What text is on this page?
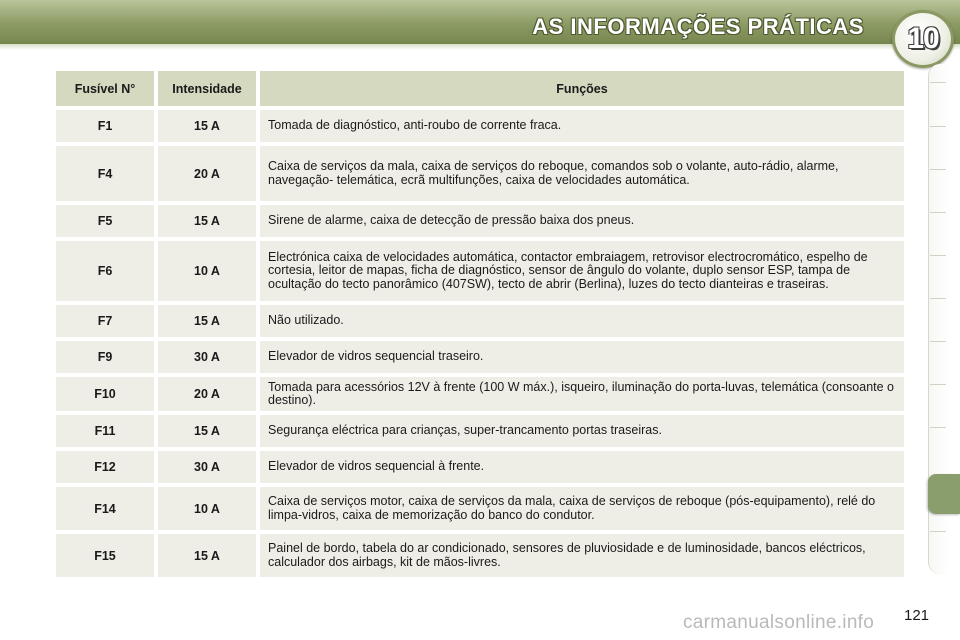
AS INFORMAÇÕES PRÁTICAS 10
Fusível N°	Intensidade	Funções
F1	15 A	Tomada de diagnóstico, anti-roubo de corrente fraca.
F4	20 A	Caixa de serviços da mala, caixa de serviços do reboque, comandos sob o volante, auto-rádio, alarme, navegação- telemática, ecrã multifunções, caixa de velocidades automática.
F5	15 A	Sirene de alarme, caixa de detecção de pressão baixa dos pneus.
F6	10 A	Electrónica caixa de velocidades automática, contactor embraiagem, retrovisor electrocromático, espelho de cortesia, leitor de mapas, ficha de diagnóstico, sensor de ângulo do volante, duplo sensor ESP, tampa de ocultação do tecto panorâmico (407SW), tecto de abrir (Berlina), luzes do tecto dianteiras e traseiras.
F7	15 A	Não utilizado.
F9	30 A	Elevador de vidros sequencial traseiro.
F10	20 A	Tomada para acessórios 12V à frente (100 W máx.), isqueiro, iluminação do porta-luvas, telemática (consoante o destino).
F11	15 A	Segurança eléctrica para crianças, super-trancamento portas traseiras.
F12	30 A	Elevador de vidros sequencial à frente.
F14	10 A	Caixa de serviços motor, caixa de serviços da mala, caixa de serviços de reboque (pós-equipamento), relé do limpa-vidros, caixa de memorização do banco do condutor.
F15	15 A	Painel de bordo, tabela do ar condicionado, sensores de pluviosidade e de luminosidade, bancos eléctricos, calculador dos airbags, kit de mãos-livres.
121
carmanualsonline.info
